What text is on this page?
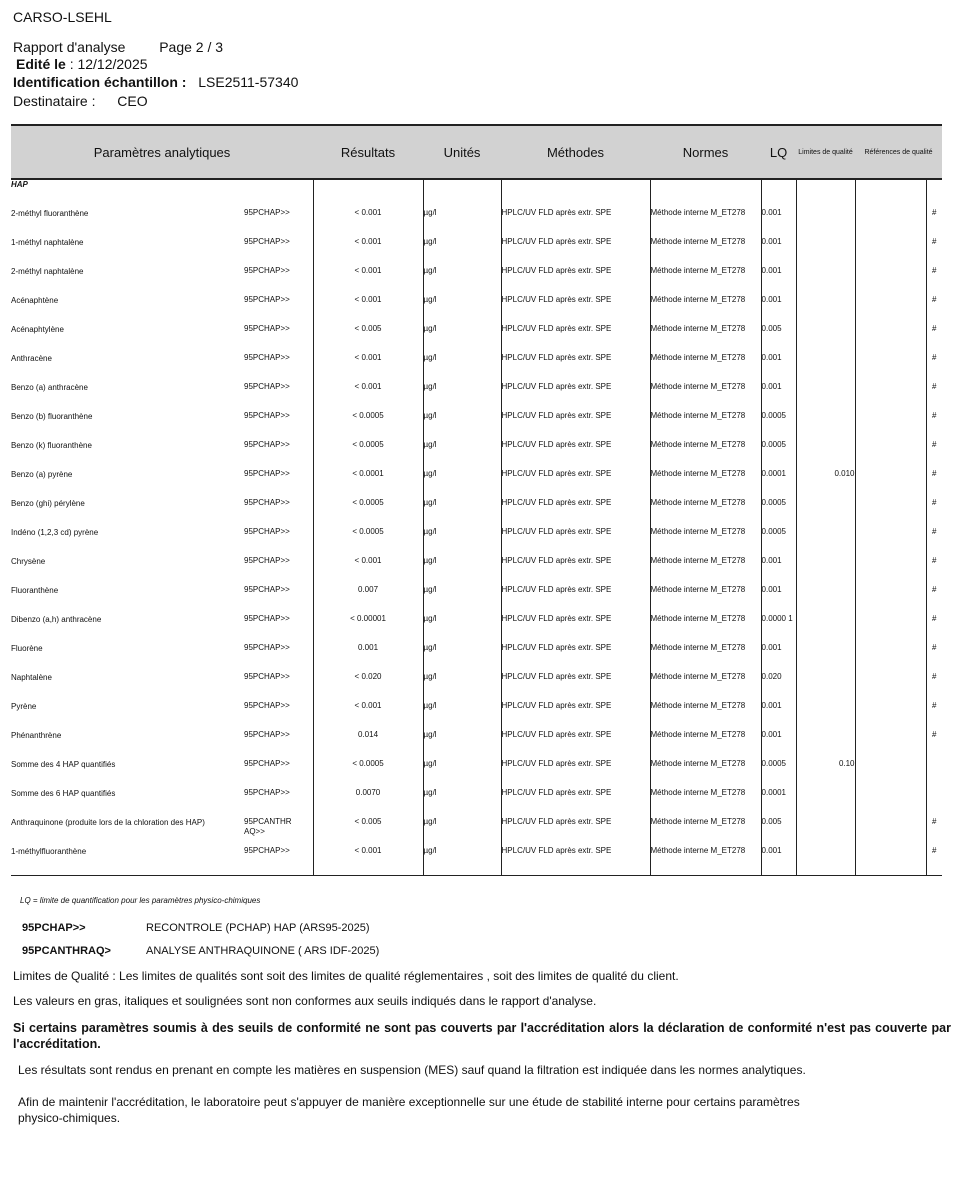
CARSO-LSEHL
Rapport d'analyse Page 2 / 3
Edité le : 12/12/2025
Identification échantillon : LSE2511-57340
Destinataire : CEO
Paramètres analytiques		Résultats	Unités	Méthodes	Normes	LQ	Limites de qualité	Références de qualité	
HAP									
2-méthyl fluoranthène	95PCHAP>>	< 0.001	µg/l	HPLC/UV FLD après extr. SPE	Méthode interne M_ET278	0.001			#
1-méthyl naphtalène	95PCHAP>>	< 0.001	µg/l	HPLC/UV FLD après extr. SPE	Méthode interne M_ET278	0.001			#
2-méthyl naphtalène	95PCHAP>>	< 0.001	µg/l	HPLC/UV FLD après extr. SPE	Méthode interne M_ET278	0.001			#
Acénaphtène	95PCHAP>>	< 0.001	µg/l	HPLC/UV FLD après extr. SPE	Méthode interne M_ET278	0.001			#
Acénaphtylène	95PCHAP>>	< 0.005	µg/l	HPLC/UV FLD après extr. SPE	Méthode interne M_ET278	0.005			#
Anthracène	95PCHAP>>	< 0.001	µg/l	HPLC/UV FLD après extr. SPE	Méthode interne M_ET278	0.001			#
Benzo (a) anthracène	95PCHAP>>	< 0.001	µg/l	HPLC/UV FLD après extr. SPE	Méthode interne M_ET278	0.001			#
Benzo (b) fluoranthène	95PCHAP>>	< 0.0005	µg/l	HPLC/UV FLD après extr. SPE	Méthode interne M_ET278	0.0005			#
Benzo (k) fluoranthène	95PCHAP>>	< 0.0005	µg/l	HPLC/UV FLD après extr. SPE	Méthode interne M_ET278	0.0005			#
Benzo (a) pyrène	95PCHAP>>	< 0.0001	µg/l	HPLC/UV FLD après extr. SPE	Méthode interne M_ET278	0.0001	0.010		#
Benzo (ghi) pérylène	95PCHAP>>	< 0.0005	µg/l	HPLC/UV FLD après extr. SPE	Méthode interne M_ET278	0.0005			#
Indéno (1,2,3 cd) pyrène	95PCHAP>>	< 0.0005	µg/l	HPLC/UV FLD après extr. SPE	Méthode interne M_ET278	0.0005			#
Chrysène	95PCHAP>>	< 0.001	µg/l	HPLC/UV FLD après extr. SPE	Méthode interne M_ET278	0.001			#
Fluoranthène	95PCHAP>>	0.007	µg/l	HPLC/UV FLD après extr. SPE	Méthode interne M_ET278	0.001			#
Dibenzo (a,h) anthracène	95PCHAP>>	< 0.00001	µg/l	HPLC/UV FLD après extr. SPE	Méthode interne M_ET278	0.0000 1			#
Fluorène	95PCHAP>>	0.001	µg/l	HPLC/UV FLD après extr. SPE	Méthode interne M_ET278	0.001			#
Naphtalène	95PCHAP>>	< 0.020	µg/l	HPLC/UV FLD après extr. SPE	Méthode interne M_ET278	0.020			#
Pyrène	95PCHAP>>	< 0.001	µg/l	HPLC/UV FLD après extr. SPE	Méthode interne M_ET278	0.001			#
Phénanthrène	95PCHAP>>	0.014	µg/l	HPLC/UV FLD après extr. SPE	Méthode interne M_ET278	0.001			#
Somme des 4 HAP quantifiés	95PCHAP>>	< 0.0005	µg/l	HPLC/UV FLD après extr. SPE	Méthode interne M_ET278	0.0005	0.10		
Somme des 6 HAP quantifiés	95PCHAP>>	0.0070	µg/l	HPLC/UV FLD après extr. SPE	Méthode interne M_ET278	0.0001			
Anthraquinone (produite lors de la chloration des HAP)	95PCANTHR AQ>>	< 0.005	µg/l	HPLC/UV FLD après extr. SPE	Méthode interne M_ET278	0.005			#
1-méthylfluoranthène	95PCHAP>>	< 0.001	µg/l	HPLC/UV FLD après extr. SPE	Méthode interne M_ET278	0.001			#
LQ = limite de quantification pour les paramètres physico-chimiques
95PCHAP>>	RECONTROLE (PCHAP) HAP (ARS95-2025)
95PCANTHRAQ>	ANALYSE ANTHRAQUINONE ( ARS IDF-2025)
Limites de Qualité : Les limites de qualités sont soit des limites de qualité réglementaires , soit des limites de qualité du client.
Les valeurs en gras, italiques et soulignées sont non conformes aux seuils indiqués dans le rapport d'analyse.
Si certains paramètres soumis à des seuils de conformité ne sont pas couverts par l'accréditation alors la déclaration de conformité n'est pas couverte par l'accréditation.
Les résultats sont rendus en prenant en compte les matières en suspension (MES) sauf quand la filtration est indiquée dans les normes analytiques.
Afin de maintenir l'accréditation, le laboratoire peut s'appuyer de manière exceptionnelle sur une étude de stabilité interne pour certains paramètres physico-chimiques.
